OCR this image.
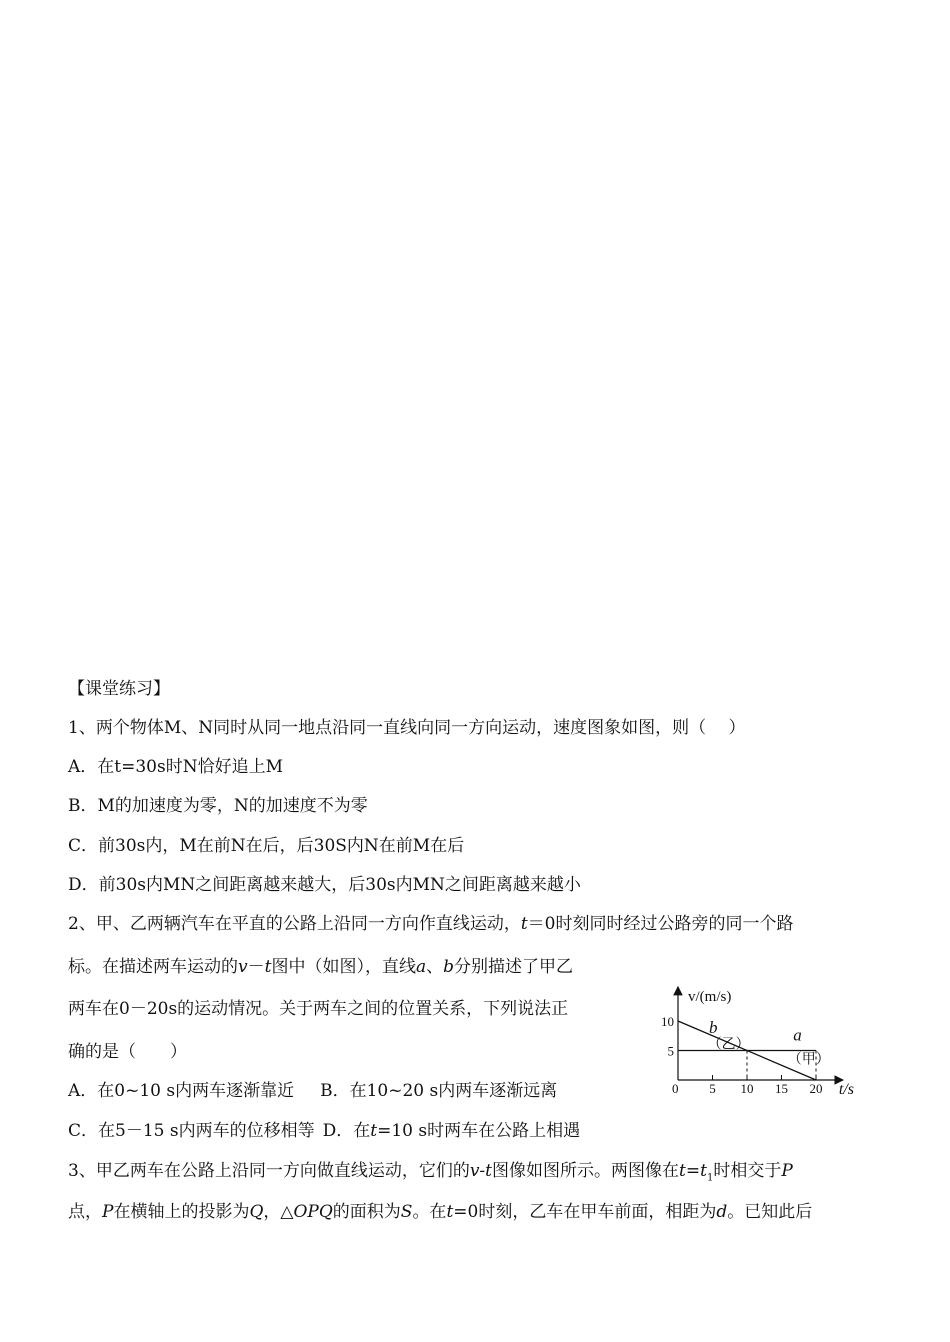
【课堂练习】
1、两个物体M、N同时从同一地点沿同一直线向同一方向运动，速度图象如图，则（　 ）
A．在t=30s时N恰好追上M
B．M的加速度为零，N的加速度不为零
C．前30s内，M在前N在后，后30S内N在前M在后
D．前30s内MN之间距离越来越大，后30s内MN之间距离越来越小
2、甲、乙两辆汽车在平直的公路上沿同一方向作直线运动，t＝0时刻同时经过公路旁的同一个路
标。在描述两车运动的v－t图中（如图），直线a、b分别描述了甲乙
两车在0－20s的运动情况。关于两车之间的位置关系，下列说法正
确的是（　　）
A．在0~10 s内两车逐渐靠近 B．在10~20 s内两车逐渐远离
C．在5－15 s内两车的位移相等 D．在t=10 s时两车在公路上相遇
3、甲乙两车在公路上沿同一方向做直线运动，它们的v-t图像如图所示。两图像在$t=t_1$时相交于P
点，P在横轴上的投影为Q，△OPQ的面积为S。在t=0时刻，乙车在甲车前面，相距为d。已知此后
v/(m/s)
t/s
0 5 10 15 20
5
10 b
（乙）
a
（甲）
